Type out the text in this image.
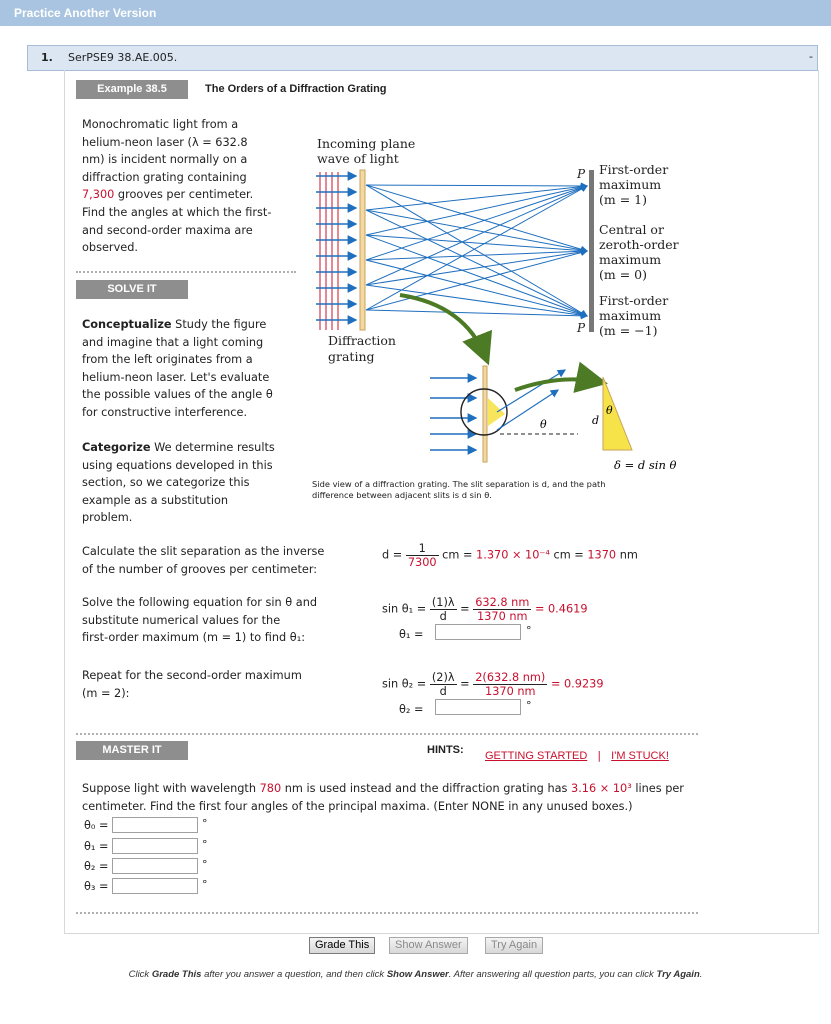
Practice Another Version
1. SerPSE9 38.AE.005.	-
Example 38.5	The Orders of a Diffraction Grating
Monochromatic light from a
helium-neon laser (λ = 632.8
nm) is incident normally on a
diffraction grating containing
7,300 grooves per centimeter.
Find the angles at which the first-
and second-order maxima are
observed.
SOLVE IT
Conceptualize Study the figure
and imagine that a light coming
from the left originates from a
helium-neon laser. Let's evaluate
the possible values of the angle θ
for constructive interference.
Categorize We determine results
using equations developed in this
section, so we categorize this
example as a substitution
problem.
Incoming plane
wave of light
P
P
First-order
maximum
(m = 1)
Central or
zeroth-order
maximum
(m = 0)
First-order
maximum
(m = −1)
Diffraction
grating
θ	d
θ
δ = d sin θ
Side view of a diffraction grating. The slit separation is d, and the path
difference between adjacent slits is d sin θ.
Calculate the slit separation as the inverse
of the number of grooves per centimeter:
$d = \frac{1}{7300}$ cm = 1.370 × 10⁻⁴ cm = 1370 nm
Solve the following equation for sin θ and
substitute numerical values for the
first-order maximum (m = 1) to find θ₁:
$\sin \theta_1 = \frac{(1)\lambda}{d} = \frac{632.8 nm}{1370 nm} = 0.4619$
θ₁ =	°
Repeat for the second-order maximum
(m = 2):
$\sin \theta_2 = \frac{(2)\lambda}{d} = \frac{2(632.8 nm)}{1370 nm} = 0.9239$
θ₂ =	°
MASTER IT	HINTS: GETTING STARTED | I'M STUCK!
Suppose light with wavelength 780 nm is used instead and the diffraction grating has 3.16 × 10³ lines per
centimeter. Find the first four angles of the principal maxima. (Enter NONE in any unused boxes.)
θ₀ =	°
θ₁ =	°
θ₂ =	°
θ₃ =	°
Grade This	Show Answer	Try Again
Click Grade This after you answer a question, and then click Show Answer. After answering all question parts, you can click Try Again.
